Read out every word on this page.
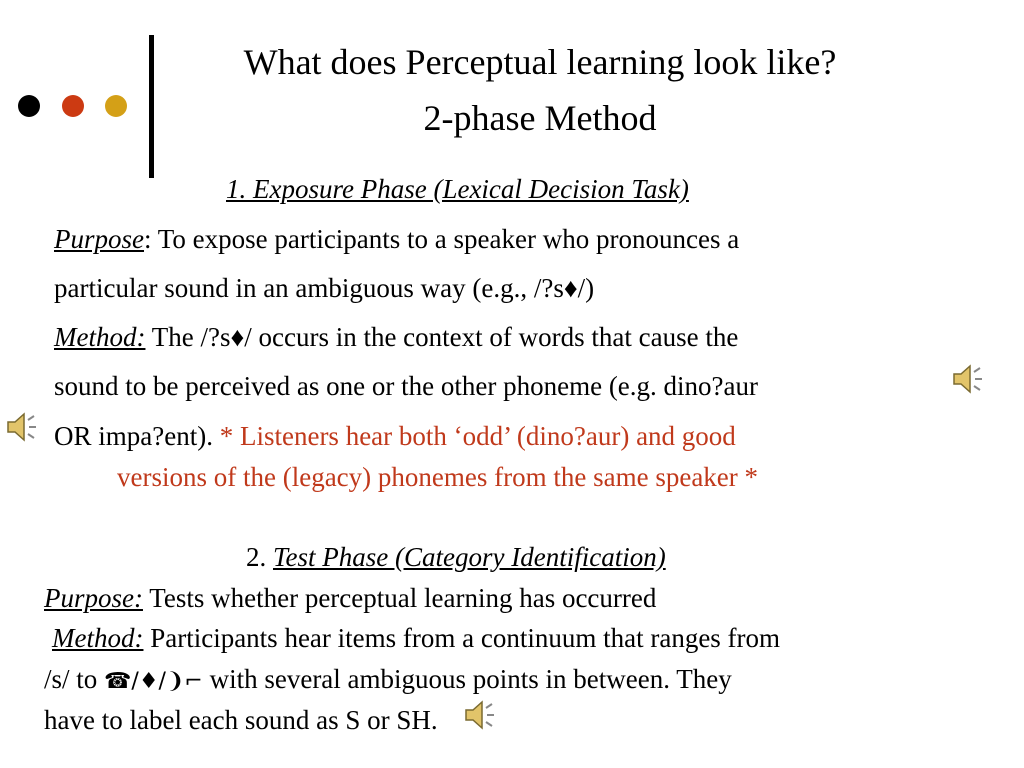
What does Perceptual learning look like?
2-phase Method
1. Exposure Phase (Lexical Decision Task)
Purpose: To expose participants to a speaker who pronounces a
particular sound in an ambiguous way (e.g., /?s♦/)
Method: The /?s♦/ occurs in the context of words that cause the
sound to be perceived as one or the other phoneme (e.g. dino?aur
OR impa?ent). * Listeners hear both ‘odd’ (dino?aur) and good
versions of the (legacy) phonemes from the same speaker *
2. Test Phase (Category Identification)
Purpose: Tests whether perceptual learning has occurred
Method: Participants hear items from a continuum that ranges from
/s/ to ☎/♦/❩⌐ with several ambiguous points in between. They
have to label each sound as S or SH.
